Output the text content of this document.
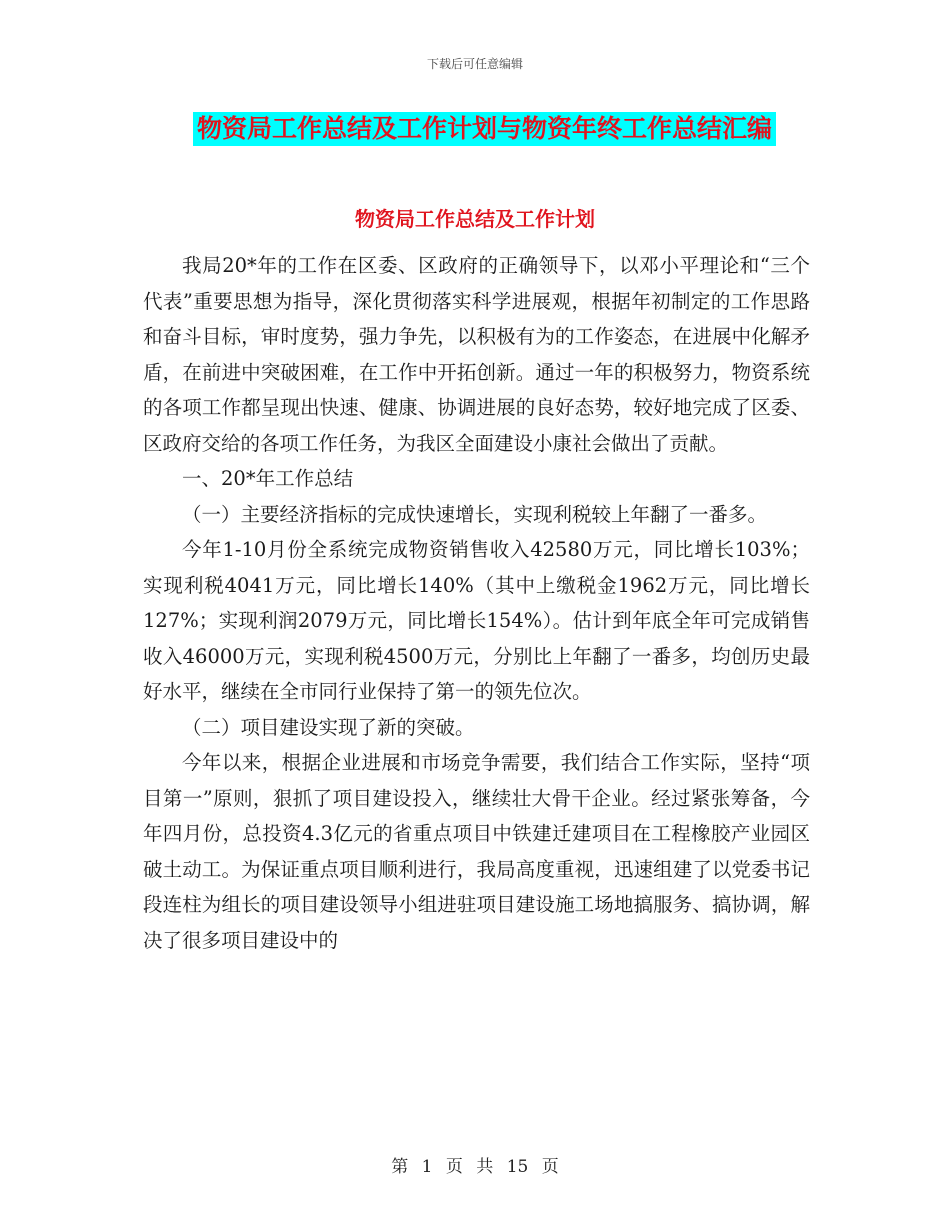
下载后可任意编辑
物资局工作总结及工作计划与物资年终工作总结汇编
物资局工作总结及工作计划

我局20*年的工作在区委、区政府的正确领导下，以邓小平理论和“三个代表”重要思想为指导，深化贯彻落实科学进展观，根据年初制定的工作思路和奋斗目标，审时度势，强力争先，以积极有为的工作姿态，在进展中化解矛盾，在前进中突破困难，在工作中开拓创新。通过一年的积极努力，物资系统的各项工作都呈现出快速、健康、协调进展的良好态势，较好地完成了区委、区政府交给的各项工作任务，为我区全面建设小康社会做出了贡献。

一、20*年工作总结

（一）主要经济指标的完成快速增长，实现利税较上年翻了一番多。

今年1-10月份全系统完成物资销售收入42580万元，同比增长103%；实现利税4041万元，同比增长140%（其中上缴税金1962万元，同比增长127%；实现利润2079万元，同比增长154%）。估计到年底全年可完成销售收入46000万元，实现利税4500万元，分别比上年翻了一番多，均创历史最好水平，继续在全市同行业保持了第一的领先位次。

（二）项目建设实现了新的突破。

今年以来，根据企业进展和市场竞争需要，我们结合工作实际，坚持“项目第一”原则，狠抓了项目建设投入，继续壮大骨干企业。经过紧张筹备，今年四月份，总投资4.3亿元的省重点项目中铁建迁建项目在工程橡胶产业园区破土动工。为保证重点项目顺利进行，我局高度重视，迅速组建了以党委书记段连柱为组长的项目建设领导小组进驻项目建设施工场地搞服务、搞协调，解决了很多项目建设中的

第 1 页 共 15 页
